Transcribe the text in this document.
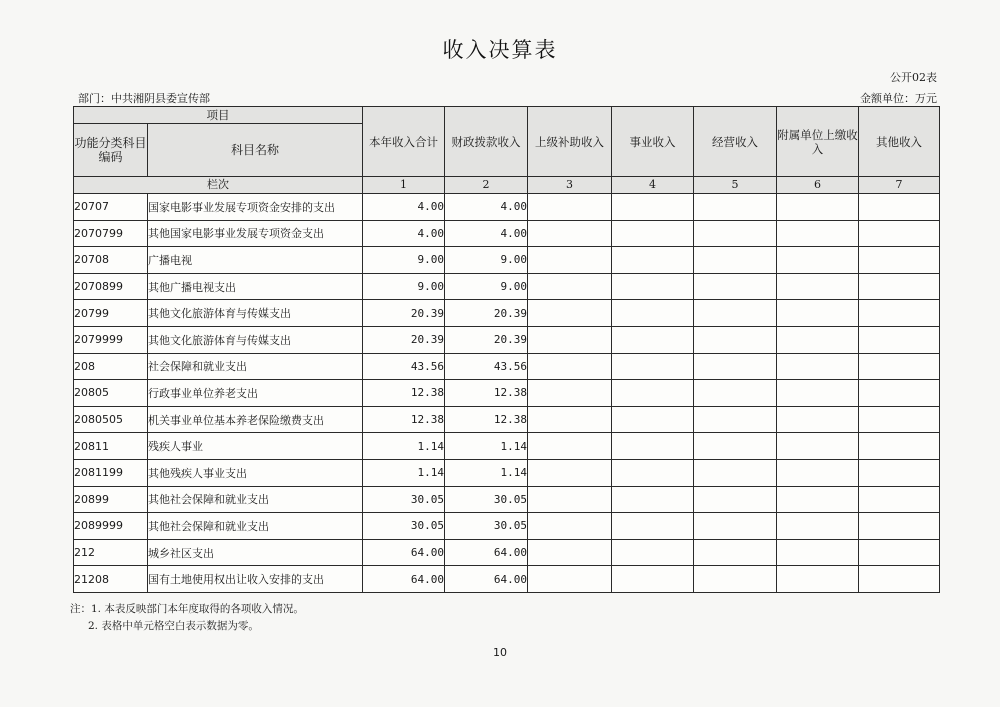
收入决算表
公开02表
部门：中共湘阴县委宣传部	金额单位：万元
项目		本年收入合计	财政拨款收入	上级补助收入	事业收入	经营收入	附属单位上缴收入	其他收入
功能分类科目编码	科目名称							
栏次		1	2	3	4	5	6	7
20707	国家电影事业发展专项资金安排的支出	4.00	4.00					
2070799	其他国家电影事业发展专项资金支出	4.00	4.00					
20708	广播电视	9.00	9.00					
2070899	其他广播电视支出	9.00	9.00					
20799	其他文化旅游体育与传媒支出	20.39	20.39					
2079999	其他文化旅游体育与传媒支出	20.39	20.39					
208	社会保障和就业支出	43.56	43.56					
20805	行政事业单位养老支出	12.38	12.38					
2080505	机关事业单位基本养老保险缴费支出	12.38	12.38					
20811	残疾人事业	1.14	1.14					
2081199	其他残疾人事业支出	1.14	1.14					
20899	其他社会保障和就业支出	30.05	30.05					
2089999	其他社会保障和就业支出	30.05	30.05					
212	城乡社区支出	64.00	64.00					
21208	国有土地使用权出让收入安排的支出	64.00	64.00					
注：1. 本表反映部门本年度取得的各项收入情况。
2. 表格中单元格空白表示数据为零。
10
